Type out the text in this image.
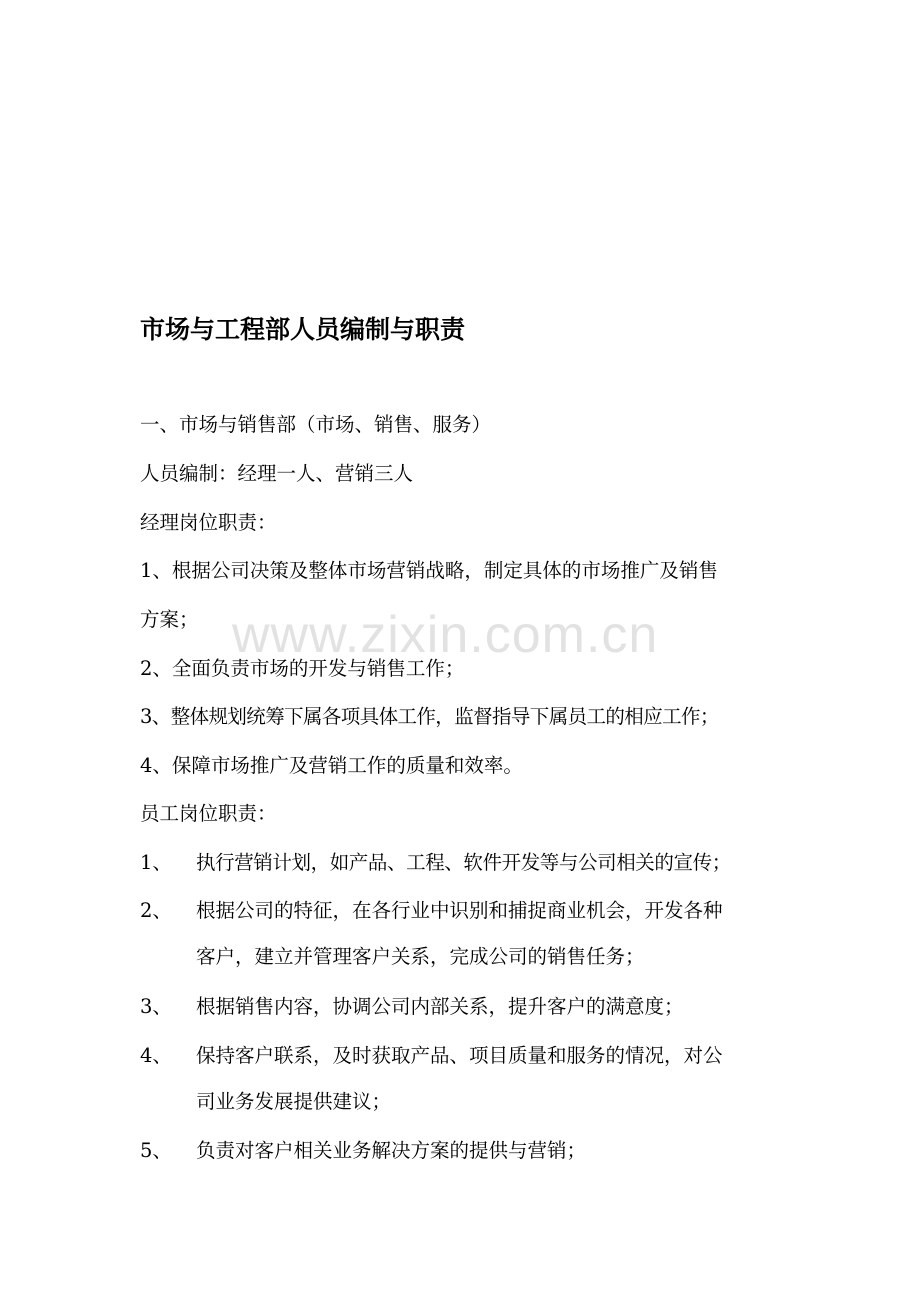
市场与工程部人员编制与职责
一、市场与销售部（市场、销售、服务）
人员编制：经理一人、营销三人
经理岗位职责：
1、根据公司决策及整体市场营销战略，制定具体的市场推广及销售
方案；
2、全面负责市场的开发与销售工作；
3、整体规划统筹下属各项具体工作，监督指导下属员工的相应工作；
4、保障市场推广及营销工作的质量和效率。
员工岗位职责：
1、 执行营销计划，如产品、工程、软件开发等与公司相关的宣传；
2、 根据公司的特征，在各行业中识别和捕捉商业机会，开发各种
客户，建立并管理客户关系，完成公司的销售任务；
3、 根据销售内容，协调公司内部关系，提升客户的满意度；
4、 保持客户联系，及时获取产品、项目质量和服务的情况，对公
司业务发展提供建议；
5、 负责对客户相关业务解决方案的提供与营销；
www.zixin.com.cn
